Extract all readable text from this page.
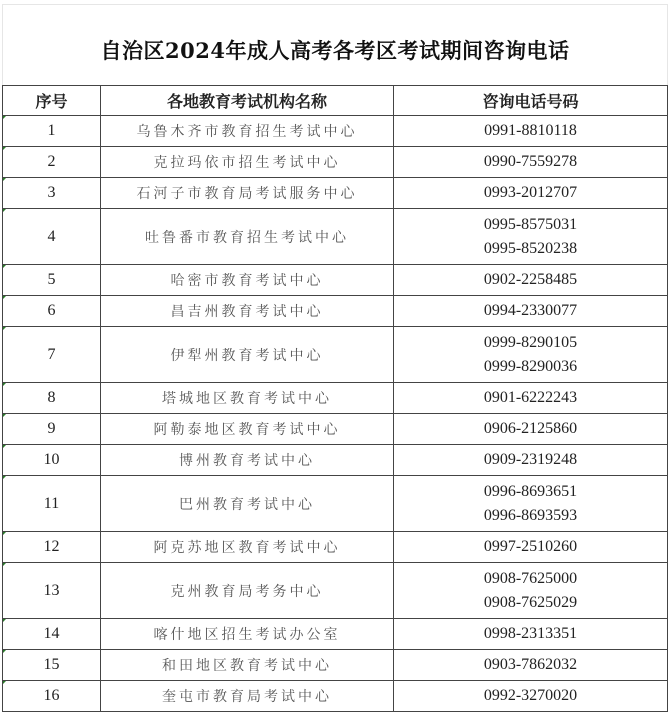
自治区2024年成人高考各考区考试期间咨询电话
序号	各地教育考试机构名称	咨询电话号码
1	乌鲁木齐市教育招生考试中心	0991-8810118

2	克拉玛依市招生考试中心	0990-7559278

3	石河子市教育局考试服务中心	0993-2012707

4	吐鲁番市教育招生考试中心	0995-8575031
0995-8520238

5	哈密市教育考试中心	0902-2258485

6	昌吉州教育考试中心	0994-2330077

7	伊犁州教育考试中心	0999-8290105
0999-8290036

8	塔城地区教育考试中心	0901-6222243

9	阿勒泰地区教育考试中心	0906-2125860

10	博州教育考试中心	0909-2319248

11	巴州教育考试中心	0996-8693651
0996-8693593

12	阿克苏地区教育考试中心	0997-2510260

13	克州教育局考务中心	0908-7625000
0908-7625029

14	喀什地区招生考试办公室	0998-2313351

15	和田地区教育考试中心	0903-7862032

16	奎屯市教育局考试中心	0992-3270020
